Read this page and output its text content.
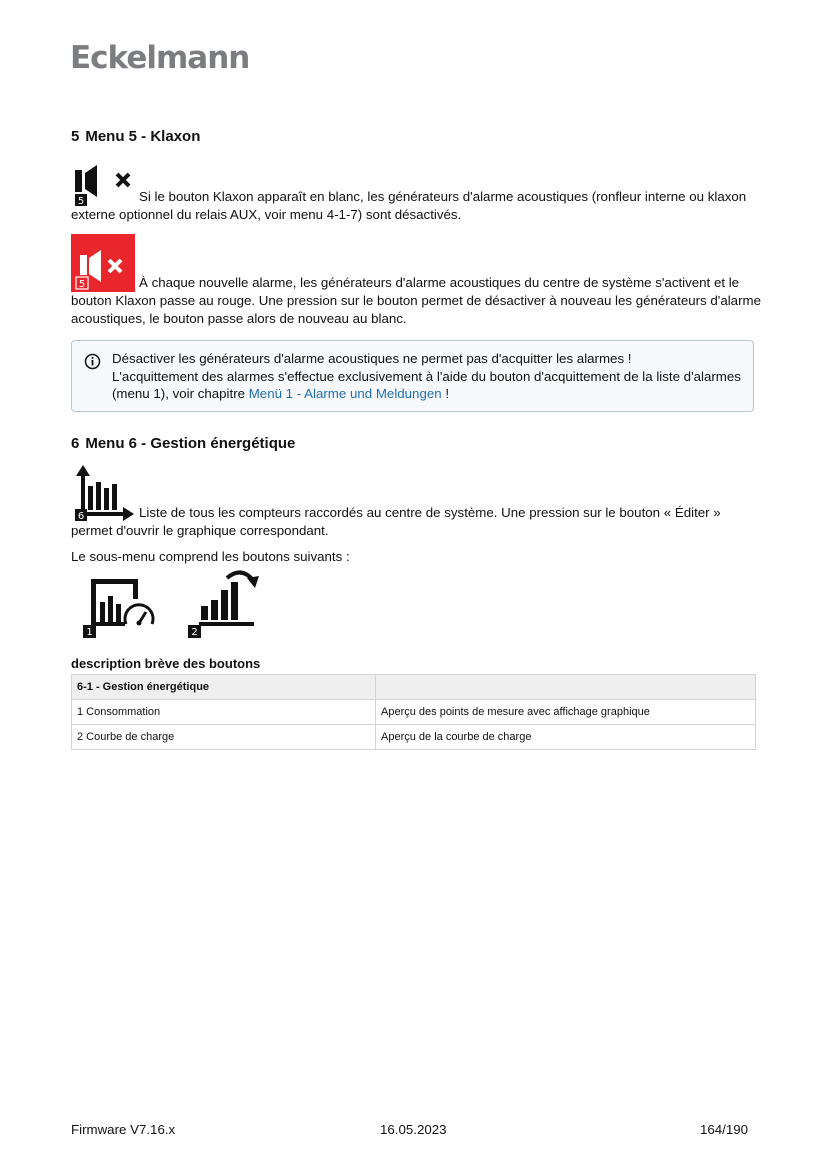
Eckelmann
5 Menu 5 - Klaxon
5	Si le bouton Klaxon apparaît en blanc, les générateurs d'alarme acoustiques (ronfleur interne ou klaxon externe optionnel du relais AUX, voir menu 4-1-7) sont désactivés.
5	À chaque nouvelle alarme, les générateurs d'alarme acoustiques du centre de système s'activent et le bouton Klaxon passe au rouge. Une pression sur le bouton permet de désactiver à nouveau les générateurs d'alarme acoustiques, le bouton passe alors de nouveau au blanc.
Désactiver les générateurs d'alarme acoustiques ne permet pas d'acquitter les alarmes !
L'acquittement des alarmes s'effectue exclusivement à l'aide du bouton d'acquittement de la liste d'alarmes (menu 1), voir chapitre Menü 1 - Alarme und Meldungen !
6 Menu 6 - Gestion énergétique
6	Liste de tous les compteurs raccordés au centre de système. Une pression sur le bouton « Éditer » permet d'ouvrir le graphique correspondant.
Le sous-menu comprend les boutons suivants :
1	2
description brève des boutons
6-1 - Gestion énergétique	
1 Consommation	Aperçu des points de mesure avec affichage graphique
2 Courbe de charge	Aperçu de la courbe de charge
Firmware V7.16.x	16.05.2023	164/190
